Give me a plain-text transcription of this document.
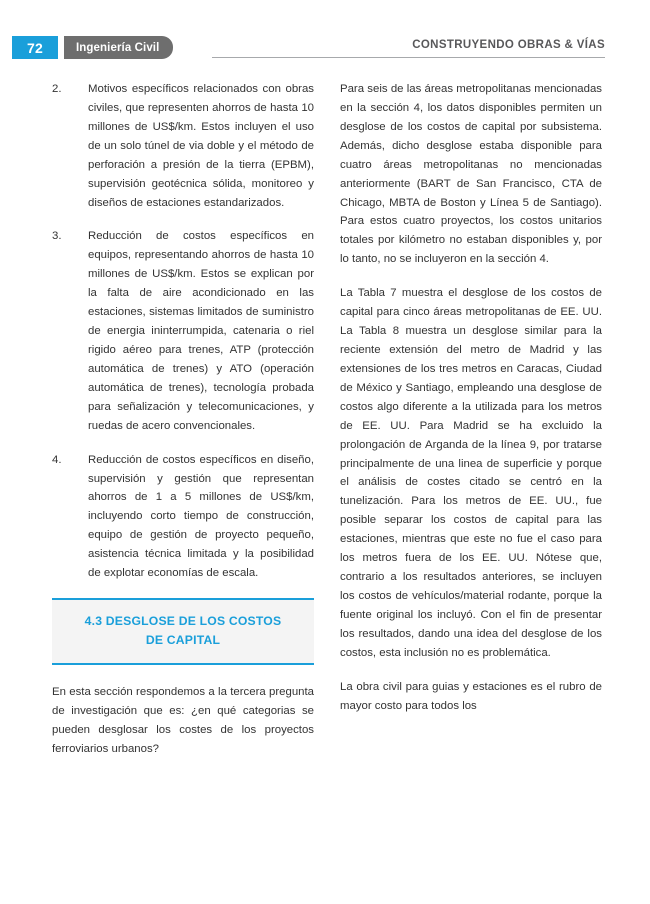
72	Ingeniería Civil	CONSTRUYENDO OBRAS & VÍAS
2.	Motivos específicos relacionados con obras civiles, que representen ahorros de hasta 10 millones de US$/km. Estos incluyen el uso de un solo túnel de via doble y el método de perforación a presión de la tierra (EPBM), supervisión geotécnica sólida, monitoreo y diseños de estaciones estandarizados.
3.	Reducción de costos específicos en equipos, representando ahorros de hasta 10 millones de US$/km. Estos se explican por la falta de aire acondicionado en las estaciones, sistemas limitados de suministro de energia ininterrumpida, catenaria o riel rigido aéreo para trenes, ATP (protección automática de trenes) y ATO (operación automática de trenes), tecnología probada para señalización y telecomunicaciones, y ruedas de acero convencionales.
4.	Reducción de costos específicos en diseño, supervisión y gestión que representan ahorros de 1 a 5 millones de US$/km, incluyendo corto tiempo de construcción, equipo de gestión de proyecto pequeño, asistencia técnica limitada y la posibilidad de explotar economías de escala.
4.3 DESGLOSE DE LOS COSTOS
DE CAPITAL

En esta sección respondemos a la tercera pregunta de investigación que es: ¿en qué categorias se pueden desglosar los costes de los proyectos ferroviarios urbanos?

Para seis de las áreas metropolitanas mencionadas en la sección 4, los datos disponibles permiten un desglose de los costos de capital por subsistema. Además, dicho desglose estaba disponible para cuatro áreas metropolitanas no mencionadas anteriormente (BART de San Francisco, CTA de Chicago, MBTA de Boston y Línea 5 de Santiago). Para estos cuatro proyectos, los costos unitarios totales por kilómetro no estaban disponibles y, por lo tanto, no se incluyeron en la sección 4.

La Tabla 7 muestra el desglose de los costos de capital para cinco áreas metropolitanas de EE. UU. La Tabla 8 muestra un desglose similar para la reciente extensión del metro de Madrid y las extensiones de los tres metros en Caracas, Ciudad de México y Santiago, empleando una desglose de costos algo diferente a la utilizada para los metros de EE. UU. Para Madrid se ha excluido la prolongación de Arganda de la línea 9, por tratarse principalmente de una linea de superficie y porque el análisis de costes citado se centró en la tunelización. Para los metros de EE. UU., fue posible separar los costos de capital para las estaciones, mientras que este no fue el caso para los metros fuera de los EE. UU. Nótese que, contrario a los resultados anteriores, se incluyen los costos de vehículos/material rodante, porque la fuente original los incluyó. Con el fin de presentar los resultados, dando una idea del desglose de los costos, esta inclusión no es problemática.

La obra civil para guias y estaciones es el rubro de mayor costo para todos los
